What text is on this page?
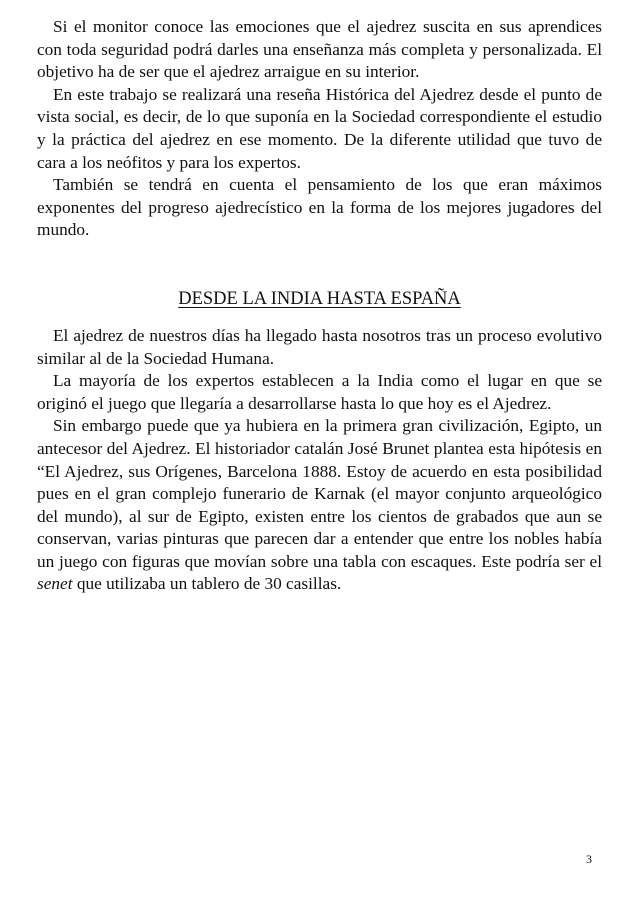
Si el monitor conoce las emociones que el ajedrez suscita en sus aprendices con toda seguridad podrá darles una enseñanza más completa y personalizada. El objetivo ha de ser que el ajedrez arraigue en su interior.

En este trabajo se realizará una reseña Histórica del Ajedrez desde el punto de vista social, es decir, de lo que suponía en la Sociedad correspondiente el estudio y la práctica del ajedrez en ese momento. De la diferente utilidad que tuvo de cara a los neófitos y para los expertos.

También se tendrá en cuenta el pensamiento de los que eran máximos exponentes del progreso ajedrecístico en la forma de los mejores jugadores del mundo.

DESDE LA INDIA HASTA ESPAÑA

El ajedrez de nuestros días ha llegado hasta nosotros tras un proceso evolutivo similar al de la Sociedad Humana.

La mayoría de los expertos establecen a la India como el lugar en que se originó el juego que llegaría a desarrollarse hasta lo que hoy es el Ajedrez.

Sin embargo puede que ya hubiera en la primera gran civilización, Egipto, un antecesor del Ajedrez. El historiador catalán José Brunet plantea esta hipótesis en “El Ajedrez, sus Orígenes, Barcelona 1888. Estoy de acuerdo en esta posibilidad pues en el gran complejo funerario de Karnak (el mayor conjunto arqueológico del mundo), al sur de Egipto, existen entre los cientos de grabados que aun se conservan, varias pinturas que parecen dar a entender que entre los nobles había un juego con figuras que movían sobre una tabla con escaques. Este podría ser el senet que utilizaba un tablero de 30 casillas.

3
